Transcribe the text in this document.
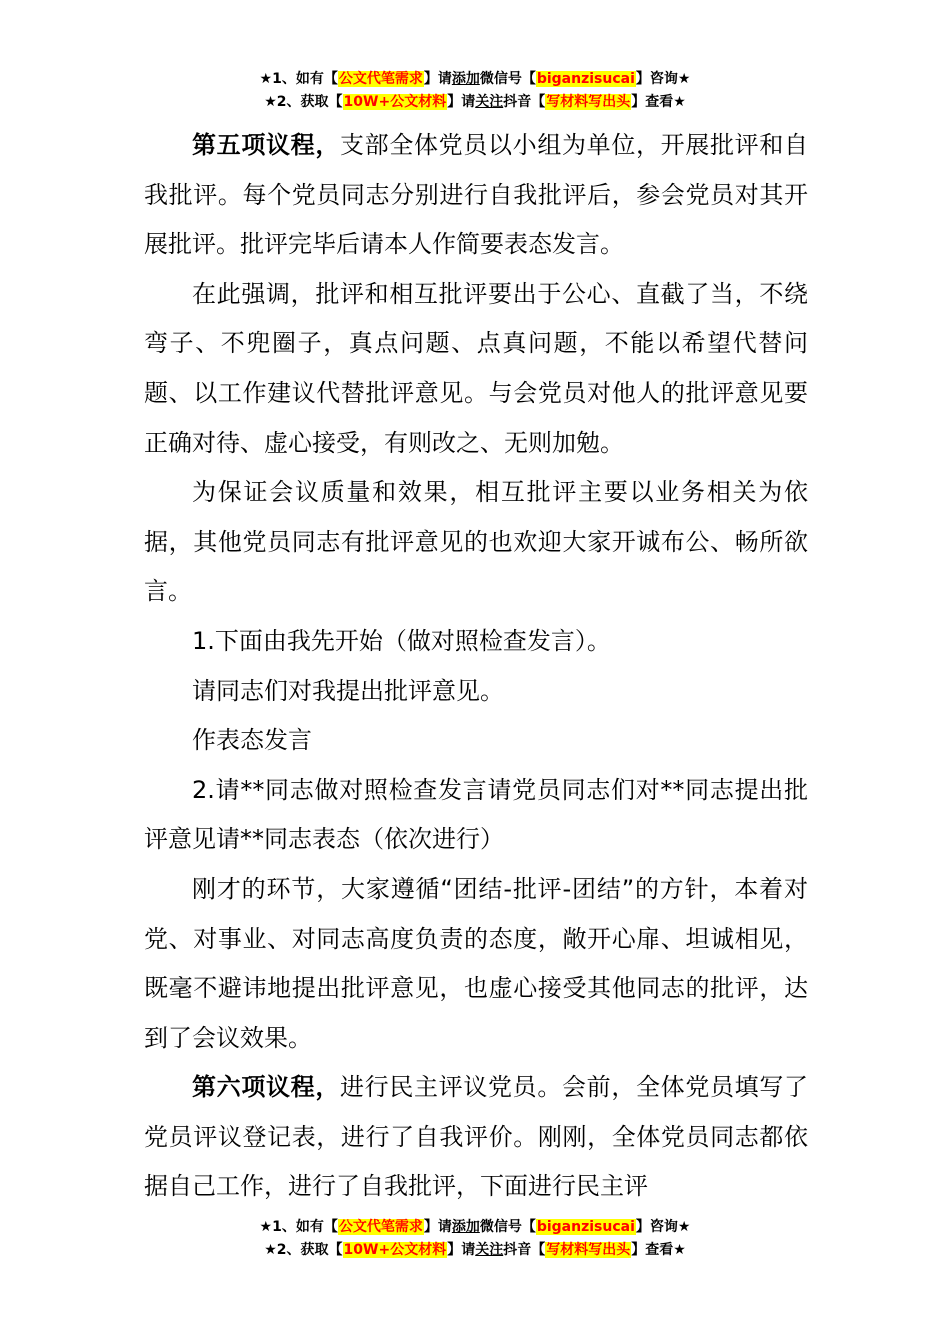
★1、如有【公文代笔需求】请添加微信号【biganzisucai】咨询★
★2、获取【10W+公文材料】请关注抖音【写材料写出头】查看★

第五项议程，支部全体党员以小组为单位，开展批评和自我批评。每个党员同志分别进行自我批评后，参会党员对其开展批评。批评完毕后请本人作简要表态发言。

在此强调，批评和相互批评要出于公心、直截了当，不绕弯子、不兜圈子，真点问题、点真问题，不能以希望代替问题、以工作建议代替批评意见。与会党员对他人的批评意见要正确对待、虚心接受，有则改之、无则加勉。

为保证会议质量和效果，相互批评主要以业务相关为依据，其他党员同志有批评意见的也欢迎大家开诚布公、畅所欲言。

1.下面由我先开始（做对照检查发言）。

请同志们对我提出批评意见。

作表态发言

2.请**同志做对照检查发言请党员同志们对**同志提出批评意见请**同志表态（依次进行）

刚才的环节，大家遵循“团结-批评-团结”的方针，本着对党、对事业、对同志高度负责的态度，敞开心扉、坦诚相见，既毫不避讳地提出批评意见，也虚心接受其他同志的批评，达到了会议效果。

第六项议程，进行民主评议党员。会前，全体党员填写了党员评议登记表，进行了自我评价。刚刚，全体党员同志都依据自己工作，进行了自我批评，下面进行民主评

★1、如有【公文代笔需求】请添加微信号【biganzisucai】咨询★
★2、获取【10W+公文材料】请关注抖音【写材料写出头】查看★
